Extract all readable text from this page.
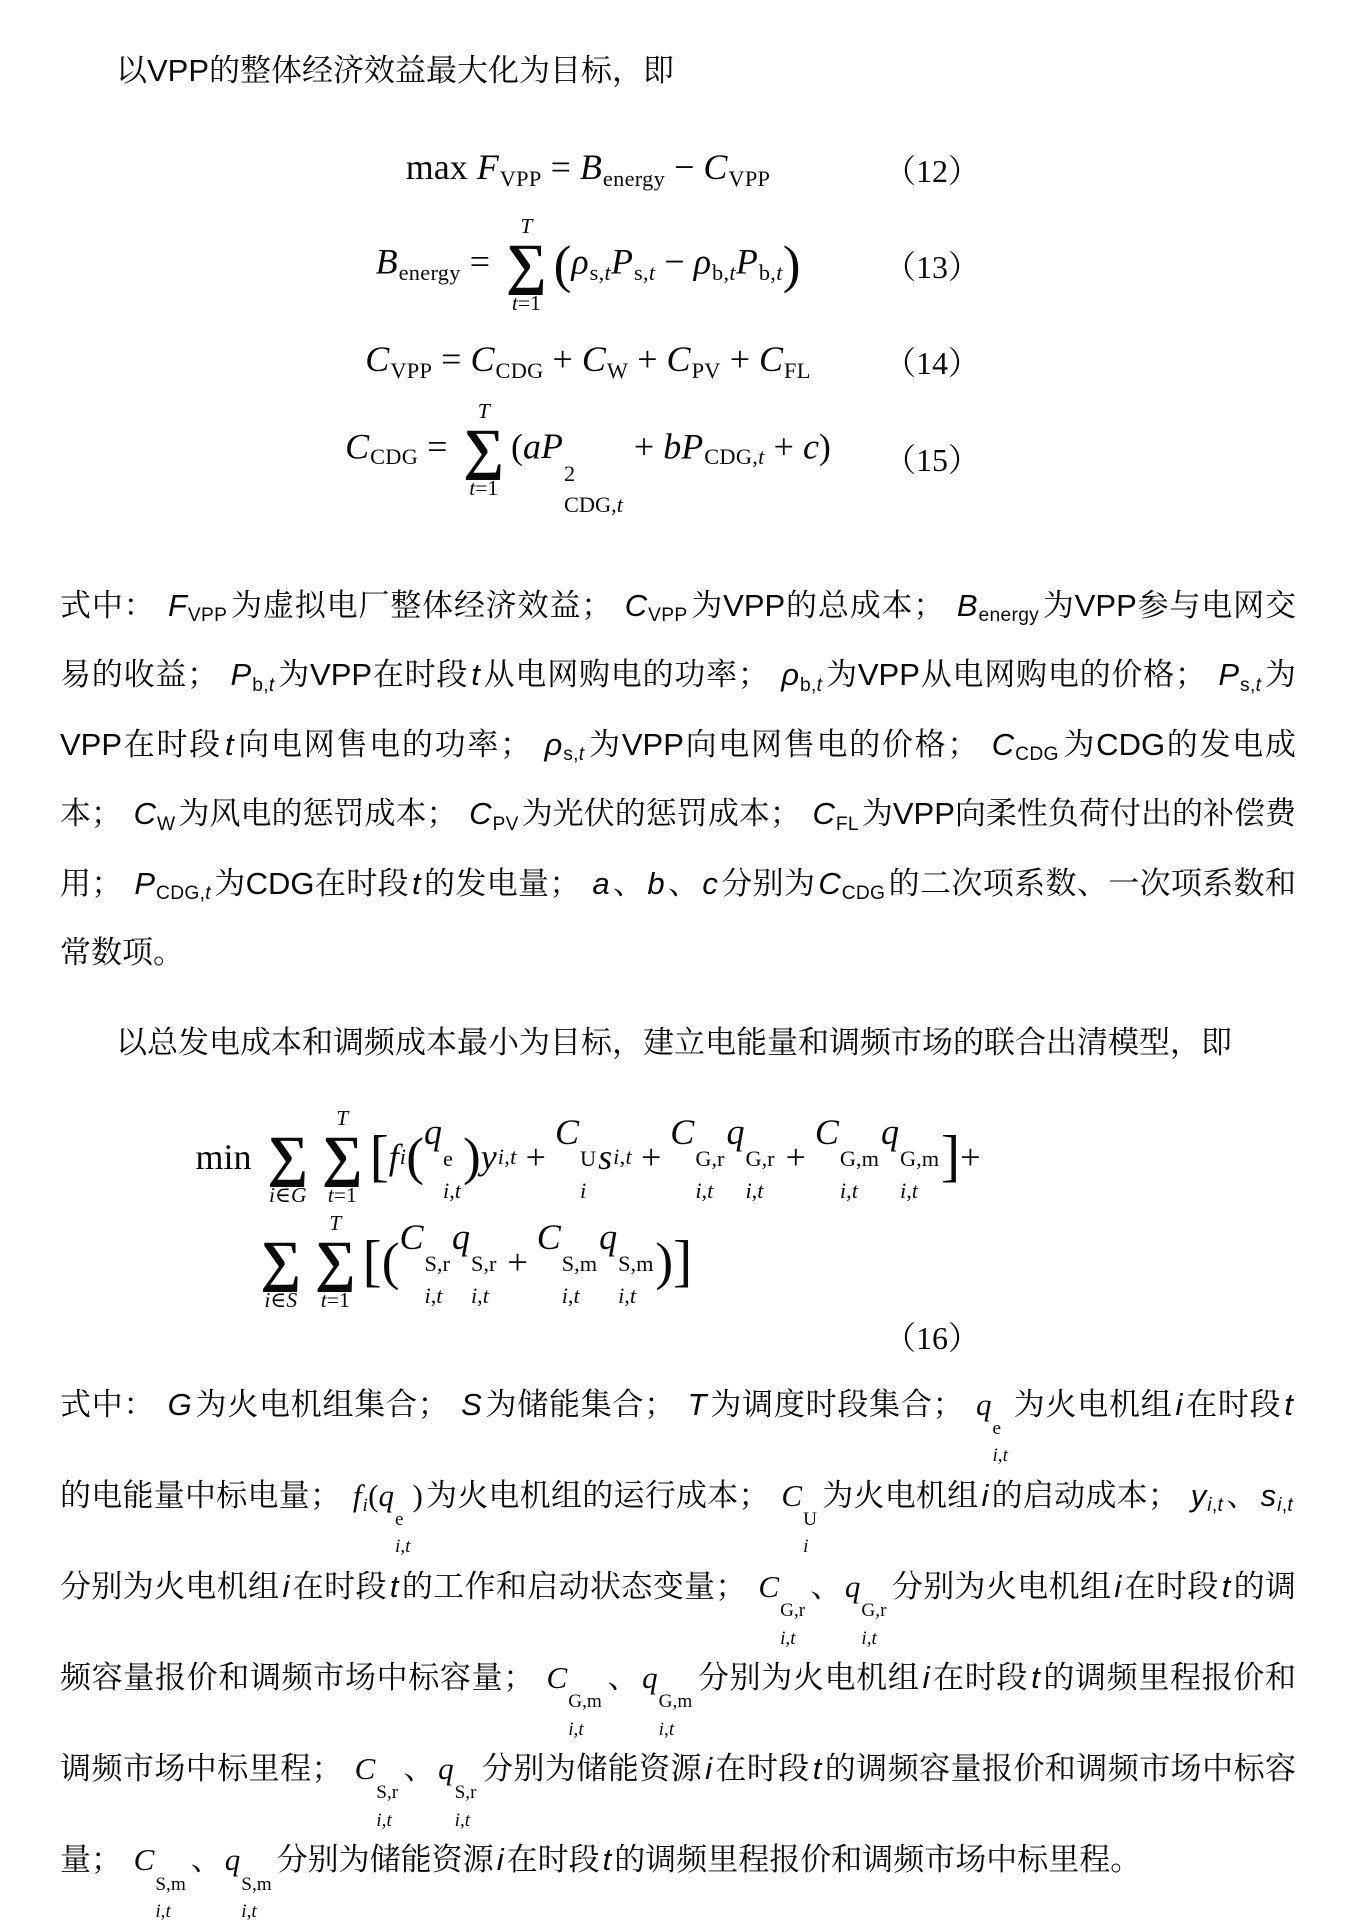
以VPP的整体经济效益最大化为目标，即

max FVPP = Benergy − CVPP	（12）
Benergy =
T
∑
t=1
(ρs,tPs,t − ρb,tPb,t)	（13）
CVPP = CCDG + CW + CPV + CFL （14）
CCDG =
T
∑
t=1
(aP
2
CDG,t
+ bPCDG,t + c) （15）

式中： FVPP为虚拟电厂整体经济效益； CVPP为VPP的总成本； Benergy为VPP参与电网交易的收益； Pb,t为VPP在时段t从电网购电的功率； ρb,t为VPP从电网购电的价格； Ps,t为VPP在时段t向电网售电的功率； ρs,t为VPP向电网售电的价格； CCDG为CDG的发电成本； CW为风电的惩罚成本； CPV为光伏的惩罚成本； CFL为VPP向柔性负荷付出的补偿费用； PCDG,t为CDG在时段t的发电量； a、b、c分别为CCDG的二次项系数、一次项系数和常数项。

以总发电成本和调频成本最小为目标，建立电能量和调频市场的联合出清模型，即

min ∑
i∈G
T
∑
t=1
[ f i ( q
e
i,t
) y i,t +
C
U
i
s i,t +
C
G,r
i,t
q
G,r
i,t
+
C
G,m
i,t
q
G,m
i,t
] +
∑
i∈S
T
∑
t=1
[ ( C
S,r
i,t
q
S,r
i,t
+
C
S,m
i,t
q
S,m
i,t
) ]
（16）

式中： G为火电机组集合； S为储能集合； T为调度时段集合； q
e
i,t
为火电机组i在时段t的电能量中标电量； fi(q
e
i,t
)为火电机组的运行成本； C
U
i
为火电机组i的启动成本； yi,t、si,t分别为火电机组i在时段t的工作和启动状态变量； C
G,r
i,t
、q
G,r
i,t
分别为火电机组i在时段t的调频容量报价和调频市场中标容量； C
G,m
i,t
、q
G,m
i,t
分别为火电机组i在时段t的调频里程报价和调频市场中标里程； C
S,r
i,t
、q
S,r
i,t
分别为储能资源i在时段t的调频容量报价和调频市场中标容量； C
S,m
i,t
、q
S,m
i,t
分别为储能资源i在时段t的调频里程报价和调频市场中标里程。
